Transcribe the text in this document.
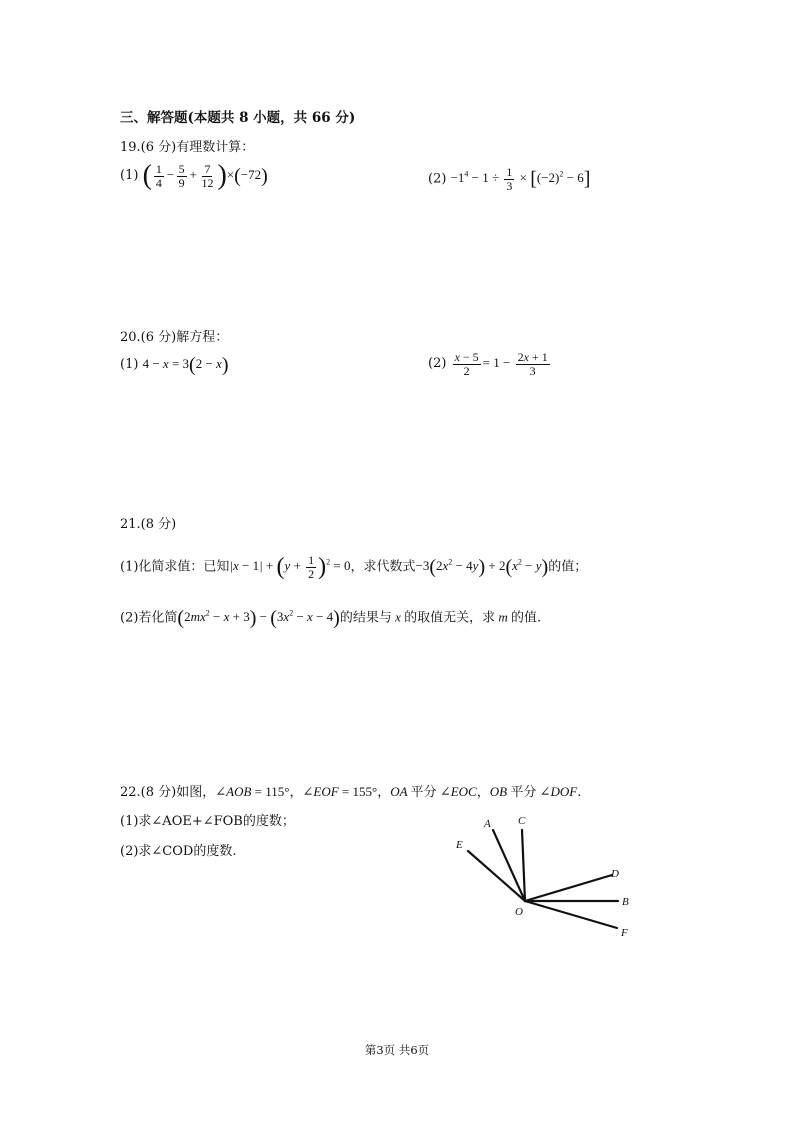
三、解答题(本题共 8 小题，共 66 分)
19.(6 分)有理数计算：
(1) ( $\frac{1}{4} - \frac{5}{9} + \frac{7}{12} )\times(-72)$	$(2) -1^4 - 1 \div \frac{1}{3} \times [(-2)^2 - 6]$
20.(6 分)解方程：
(1) 4 − x = 3(2 − x)	$(2) \frac{x - 5}{2} = 1 - \frac{2x + 1}{3}$
21.(8 分)
(1)化简求值：已知$|x - 1| + (y + \frac{1}{2} )^2 = 0$，求代数式$-3(2x^2 - 4y) + 2(x^2 - y)$的值；
(2)若化简$(2mx^2 - x + 3) - (3x^2 - x - 4)$的结果与 x 的取值无关，求 m 的值.
22.(8 分)如图，∠AOB = 115°，∠EOF = 155°，OA 平分 ∠EOC，OB 平分 ∠DOF.
(1)求∠AOE+∠FOB的度数；
(2)求∠COD的度数.
A C
E
D
B
O
F
第3页 共6页
